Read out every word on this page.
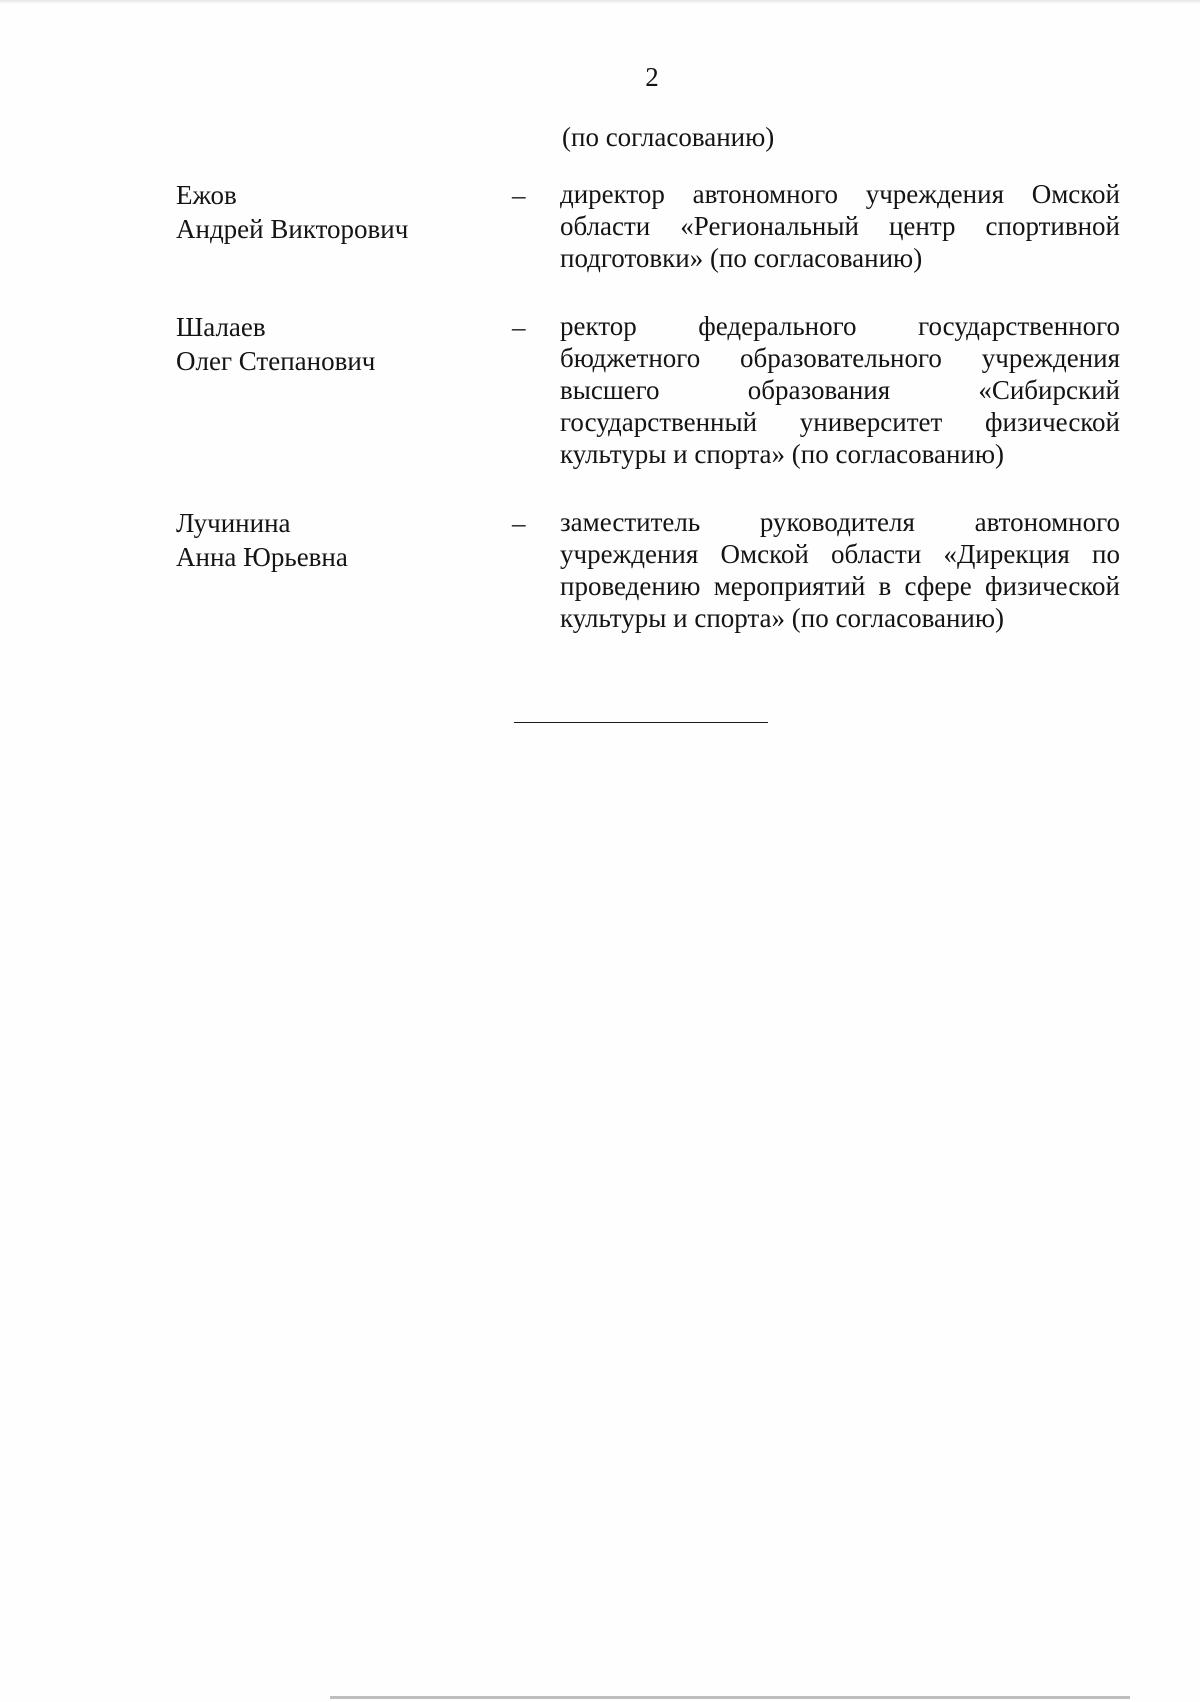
2
(по согласованию)
Ежов
Андрей Викторович
– директор автономного учреждения Омской области «Региональный центр спортивной подготовки» (по согласованию)
Шалаев
Олег Степанович
– ректор федерального государственного бюджетного образовательного учреждения высшего образования «Сибирский государственный университет физической культуры и спорта» (по согласованию)
Лучинина
Анна Юрьевна
– заместитель руководителя автономного учреждения Омской области «Дирекция по проведению мероприятий в сфере физической культуры и спорта» (по согласованию)
